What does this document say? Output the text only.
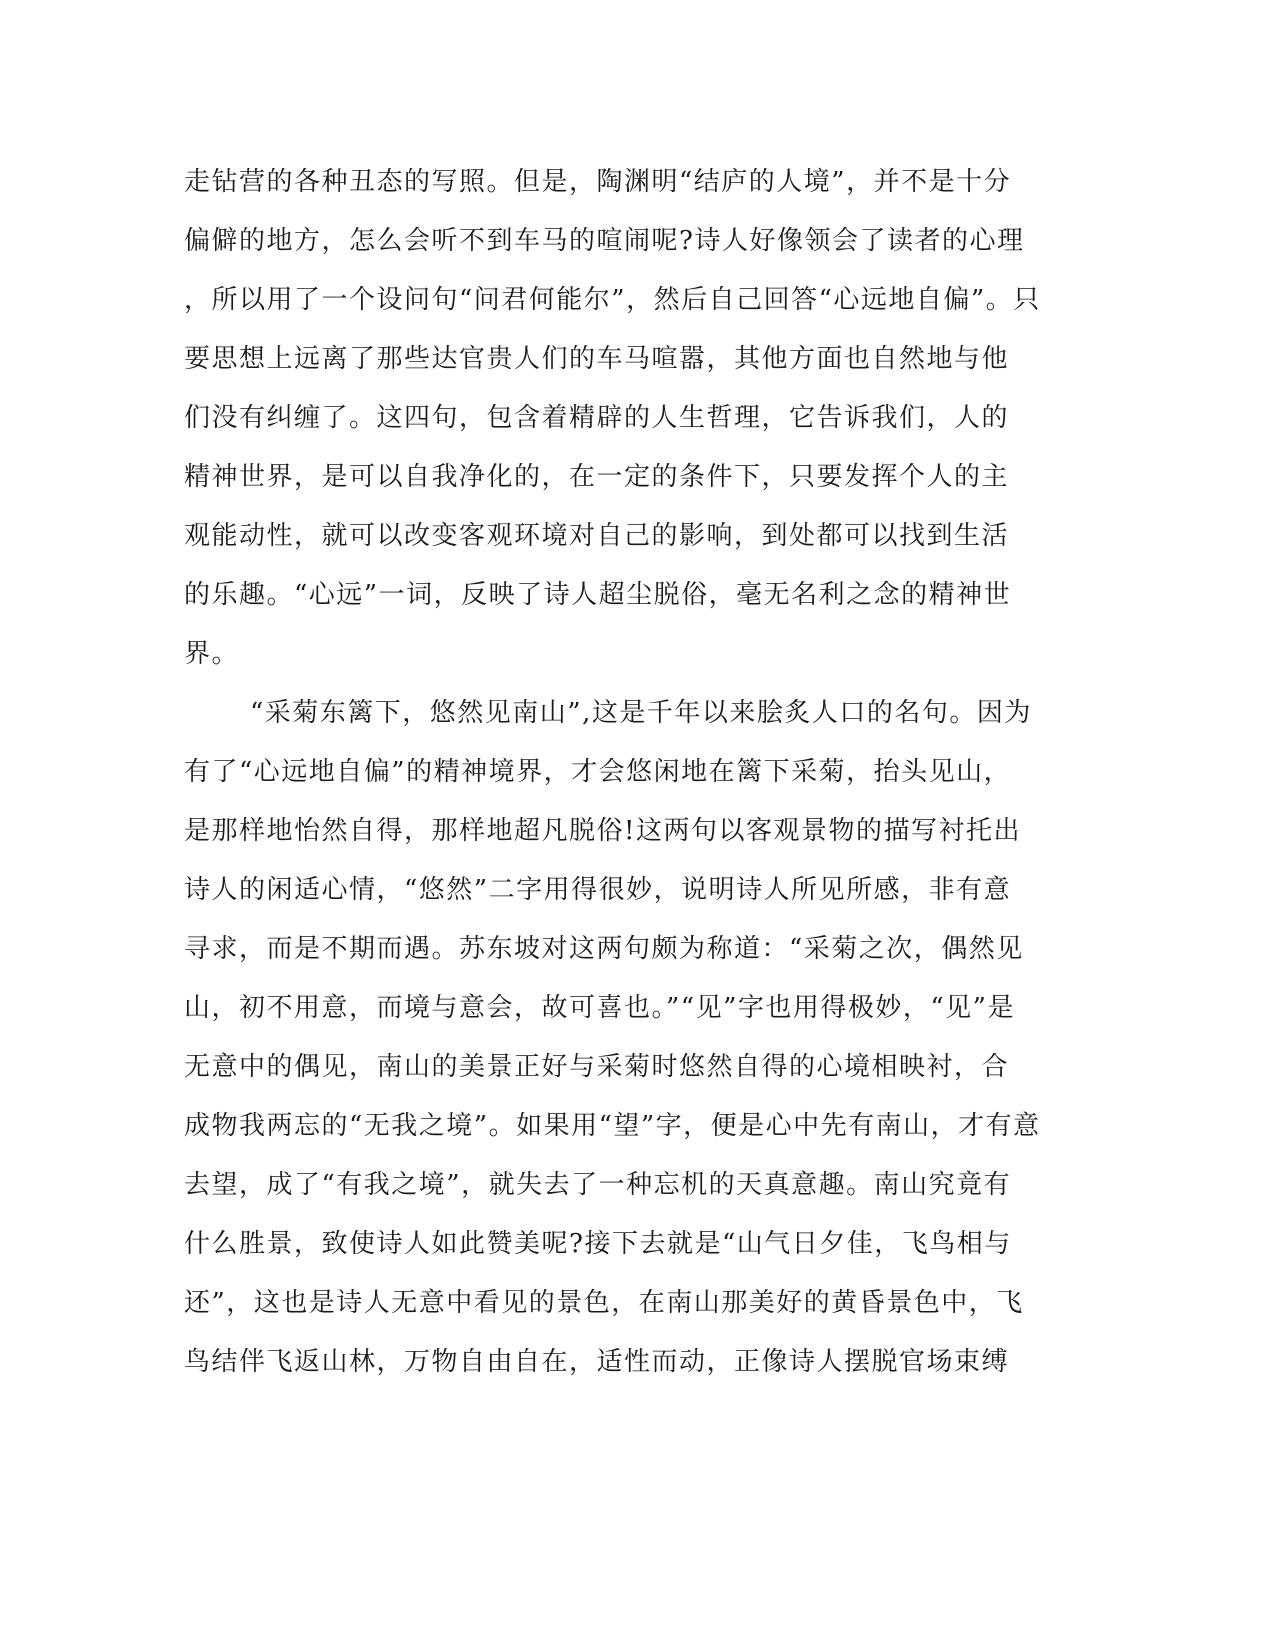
走钻营的各种丑态的写照。但是，陶渊明“结庐的人境”，并不是十分
偏僻的地方，怎么会听不到车马的喧闹呢?诗人好像领会了读者的心理
，所以用了一个设问句“问君何能尔”，然后自己回答“心远地自偏”。只
要思想上远离了那些达官贵人们的车马喧嚣，其他方面也自然地与他
们没有纠缠了。这四句，包含着精辟的人生哲理，它告诉我们，人的
精神世界，是可以自我净化的，在一定的条件下，只要发挥个人的主
观能动性，就可以改变客观环境对自己的影响，到处都可以找到生活
的乐趣。“心远”一词，反映了诗人超尘脱俗，毫无名利之念的精神世
界。
“采菊东篱下，悠然见南山”,这是千年以来脍炙人口的名句。因为
有了“心远地自偏”的精神境界，才会悠闲地在篱下采菊，抬头见山，
是那样地怡然自得，那样地超凡脱俗!这两句以客观景物的描写衬托出
诗人的闲适心情，“悠然”二字用得很妙，说明诗人所见所感，非有意
寻求，而是不期而遇。苏东坡对这两句颇为称道：“采菊之次，偶然见
山，初不用意，而境与意会，故可喜也。”“见”字也用得极妙，“见”是
无意中的偶见，南山的美景正好与采菊时悠然自得的心境相映衬，合
成物我两忘的“无我之境”。如果用“望”字，便是心中先有南山，才有意
去望，成了“有我之境”，就失去了一种忘机的天真意趣。南山究竟有
什么胜景，致使诗人如此赞美呢?接下去就是“山气日夕佳，飞鸟相与
还”，这也是诗人无意中看见的景色，在南山那美好的黄昏景色中，飞
鸟结伴飞返山林，万物自由自在，适性而动，正像诗人摆脱官场束缚
